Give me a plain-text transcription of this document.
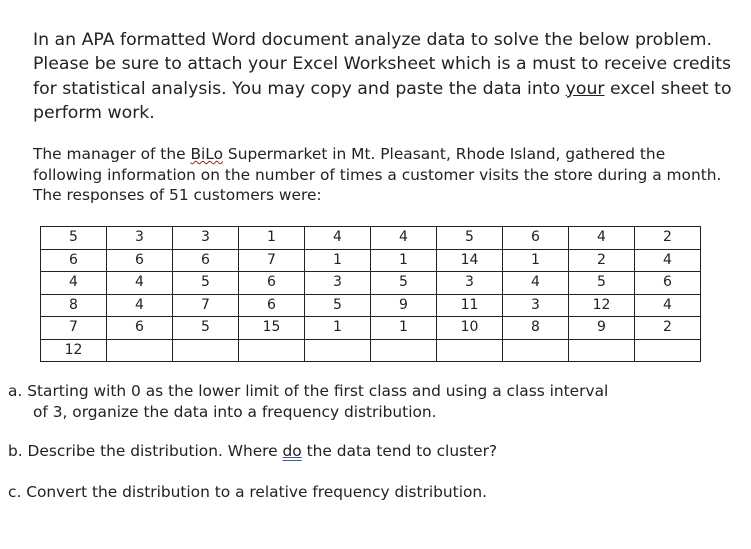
In an APA formatted Word document analyze data to solve the below problem. Please be sure to attach your Excel Worksheet which is a must to receive credits for statistical analysis. You may copy and paste the data into your excel sheet to perform work.

The manager of the BiLo Supermarket in Mt. Pleasant, Rhode Island, gathered the following information on the number of times a customer visits the store during a month. The responses of 51 customers were:

5	3	3	1	4	4	5	6	4	2
6	6	6	7	1	1	14	1	2	4
4	4	5	6	3	5	3	4	5	6
8	4	7	6	5	9	11	3	12	4
7	6	5	15	1	1	10	8	9	2
12									

a. Starting with 0 as the lower limit of the first class and using a class interval
of 3, organize the data into a frequency distribution.

b. Describe the distribution. Where do the data tend to cluster?

c. Convert the distribution to a relative frequency distribution.
